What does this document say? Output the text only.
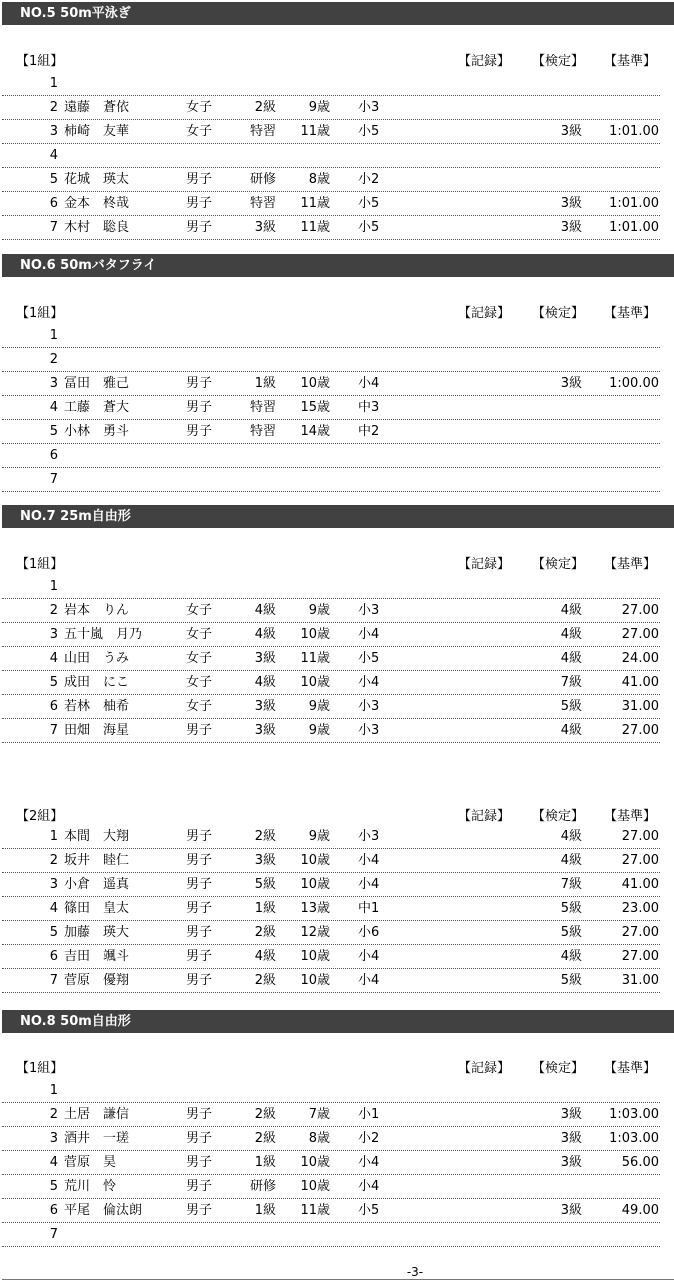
NO.5 50m平泳ぎ
【1組】	【記録】 【検定】 【基準】
1
2 遠藤　蒼依	女子	2級	9歳 小3
3 柿崎　友華	女子	特習	11歳 小5	3級	1:01.00
4
5 花城　瑛太	男子	研修	8歳 小2
6 金本　柊哉	男子	特習	11歳 小5	3級	1:01.00
7 木村　聡良	男子	3級	11歳 小5	3級	1:01.00
NO.6 50mバタフライ
【1組】	【記録】 【検定】 【基準】
1
2
3 冨田　雅己	男子	1級	10歳 小4	3級	1:00.00
4 工藤　蒼大	男子	特習	15歳 中3
5 小林　勇斗	男子	特習	14歳 中2
6
7
NO.7 25m自由形
【1組】	【記録】 【検定】 【基準】
1
2 岩本　りん	女子	4級	9歳 小3	4級	27.00
3 五十嵐　月乃	女子	4級	10歳 小4	4級	27.00
4 山田　うみ	女子	3級	11歳 小5	4級	24.00
5 成田　にこ	女子	4級	10歳 小4	7級	41.00
6 若林　柚希	女子	3級	9歳 小3	5級	31.00
7 田畑　海星	男子	3級	9歳 小3	4級	27.00
【2組】	【記録】 【検定】 【基準】
1 本間　大翔	男子	2級	9歳 小3	4級	27.00
2 坂井　睦仁	男子	3級	10歳 小4	4級	27.00
3 小倉　遥真	男子	5級	10歳 小4	7級	41.00
4 篠田　皇太	男子	1級	13歳 中1	5級	23.00
5 加藤　瑛大	男子	2級	12歳 小6	5級	27.00
6 吉田　颯斗	男子	4級	10歳 小4	4級	27.00
7 菅原　優翔	男子	2級	10歳 小4	5級	31.00
NO.8 50m自由形
【1組】	【記録】 【検定】 【基準】
1
2 土居　謙信	男子	2級	7歳 小1	3級	1:03.00
3 酒井　一瑳	男子	2級	8歳 小2	3級	1:03.00
4 菅原　昊	男子	1級	10歳 小4	3級	56.00
5 荒川　怜	男子	研修	10歳 小4
6 平尾　倫汰朗	男子	1級	11歳 小5	3級	49.00
7
-3-
